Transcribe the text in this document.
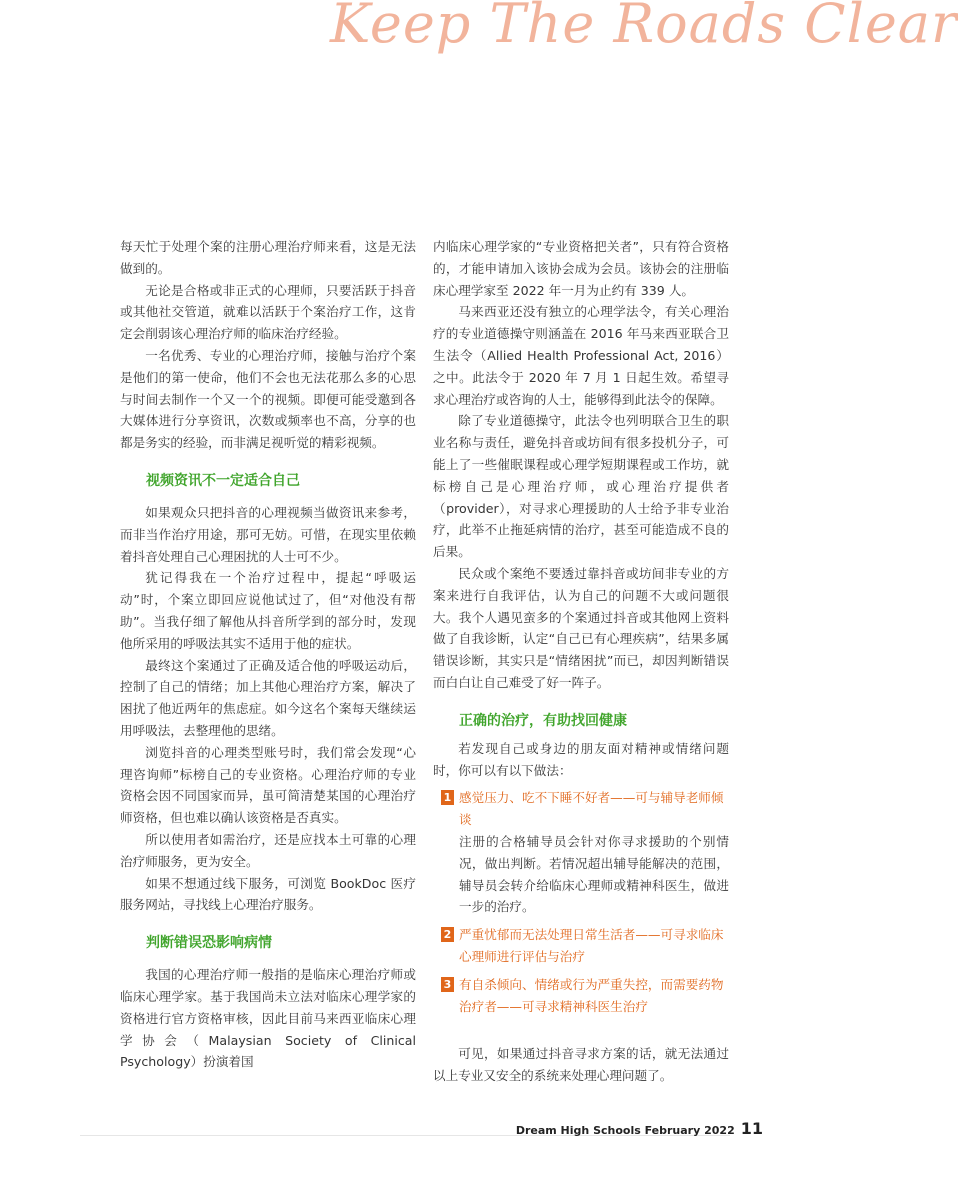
Keep The Roads Clear

每天忙于处理个案的注册心理治疗师来看，这是无法做到的。

无论是合格或非正式的心理师，只要活跃于抖音或其他社交管道，就难以活跃于个案治疗工作，这肯定会削弱该心理治疗师的临床治疗经验。

一名优秀、专业的心理治疗师，接触与治疗个案是他们的第一使命，他们不会也无法花那么多的心思与时间去制作一个又一个的视频。即便可能受邀到各大媒体进行分享资讯，次数或频率也不高，分享的也都是务实的经验，而非满足视听觉的精彩视频。

视频资讯不一定适合自己

如果观众只把抖音的心理视频当做资讯来参考，而非当作治疗用途，那可无妨。可惜，在现实里依赖着抖音处理自己心理困扰的人士可不少。

犹记得我在一个治疗过程中，提起“呼吸运动”时，个案立即回应说他试过了，但“对他没有帮助”。当我仔细了解他从抖音所学到的部分时，发现他所采用的呼吸法其实不适用于他的症状。

最终这个案通过了正确及适合他的呼吸运动后，控制了自己的情绪；加上其他心理治疗方案，解决了困扰了他近两年的焦虑症。如今这名个案每天继续运用呼吸法，去整理他的思绪。

浏览抖音的心理类型账号时，我们常会发现“心理咨询师”标榜自己的专业资格。心理治疗师的专业资格会因不同国家而异，虽可简清楚某国的心理治疗师资格，但也难以确认该资格是否真实。

所以使用者如需治疗，还是应找本土可靠的心理治疗师服务，更为安全。

如果不想通过线下服务，可浏览 BookDoc 医疗服务网站，寻找线上心理治疗服务。

判断错误恐影响病情

我国的心理治疗师一般指的是临床心理治疗师或临床心理学家。基于我国尚未立法对临床心理学家的资格进行官方资格审核，因此目前马来西亚临床心理学协会（Malaysian Society of Clinical Psychology）扮演着国

内临床心理学家的“专业资格把关者”，只有符合资格的，才能申请加入该协会成为会员。该协会的注册临床心理学家至 2022 年一月为止约有 339 人。

马来西亚还没有独立的心理学法令，有关心理治疗的专业道德操守则涵盖在 2016 年马来西亚联合卫生法令（Allied Health Professional Act, 2016）之中。此法令于 2020 年 7 月 1 日起生效。希望寻求心理治疗或咨询的人士，能够得到此法令的保障。

除了专业道德操守，此法令也列明联合卫生的职业名称与责任，避免抖音或坊间有很多投机分子，可能上了一些催眠课程或心理学短期课程或工作坊，就标榜自己是心理治疗师，或心理治疗提供者（provider），对寻求心理援助的人士给予非专业治疗，此举不止拖延病情的治疗，甚至可能造成不良的后果。

民众或个案绝不要透过靠抖音或坊间非专业的方案来进行自我评估，认为自己的问题不大或问题很大。我个人遇见蛮多的个案通过抖音或其他网上资料做了自我诊断，认定“自己已有心理疾病”，结果多属错误诊断，其实只是“情绪困扰”而已，却因判断错误而白白让自己难受了好一阵子。

正确的治疗，有助找回健康

若发现自己或身边的朋友面对精神或情绪问题时，你可以有以下做法：

1 感觉压力、吃不下睡不好者——可与辅导老师倾谈

注册的合格辅导员会针对你寻求援助的个别情况，做出判断。若情况超出辅导能解决的范围，辅导员会转介给临床心理师或精神科医生，做进一步的治疗。

2 严重忧郁而无法处理日常生活者——可寻求临床心理师进行评估与治疗

3 有自杀倾向、情绪或行为严重失控，而需要药物治疗者——可寻求精神科医生治疗

可见，如果通过抖音寻求方案的话，就无法通过以上专业又安全的系统来处理心理问题了。

Dream High Schools February 2022 11
